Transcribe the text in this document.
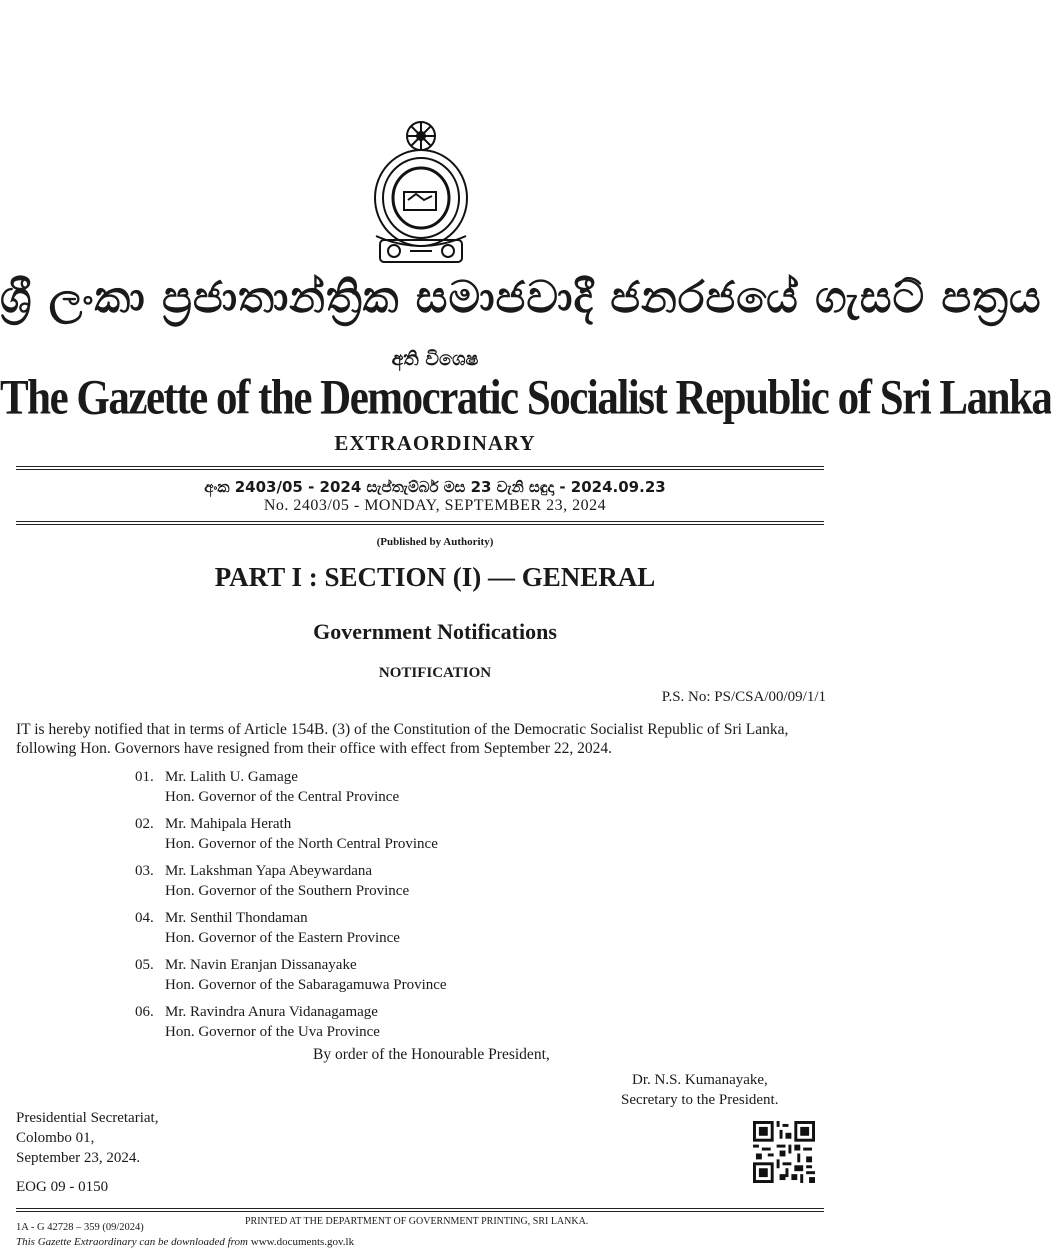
ශ්‍රී ලංකා ප්‍රජාතාන්ත්‍රික සමාජවාදී ජනරජයේ ගැසට් පත්‍රය
අති විශෙෂ
The Gazette of the Democratic Socialist Republic of Sri Lanka
EXTRAORDINARY
අංක 2403/05 - 2024 සැප්තැම්බර් මස 23 වැනි සඳුදා - 2024.09.23
No. 2403/05 - MONDAY, SEPTEMBER 23, 2024
(Published by Authority)
PART I : SECTION (I) — GENERAL
Government Notifications
NOTIFICATION
P.S. No: PS/CSA/00/09/1/1
IT is hereby notified that in terms of Article 154B. (3) of the Constitution of the Democratic Socialist Republic of Sri Lanka, following Hon. Governors have resigned from their office with effect from September 22, 2024.
01. Mr. Lalith U. Gamage
Hon. Governor of the Central Province
02. Mr. Mahipala Herath
Hon. Governor of the North Central Province
03. Mr. Lakshman Yapa Abeywardana
Hon. Governor of the Southern Province
04. Mr. Senthil Thondaman
Hon. Governor of the Eastern Province
05. Mr. Navin Eranjan Dissanayake
Hon. Governor of the Sabaragamuwa Province
06. Mr. Ravindra Anura Vidanagamage
Hon. Governor of the Uva Province
By order of the Honourable President,
Dr. N.S. Kumanayake,
Secretary to the President.
Presidential Secretariat,
Colombo 01,
September 23, 2024.
EOG 09 - 0150
PRINTED AT THE DEPARTMENT OF GOVERNMENT PRINTING, SRI LANKA.
1A - G 42728 – 359 (09/2024)
This Gazette Extraordinary can be downloaded from www.documents.gov.lk
